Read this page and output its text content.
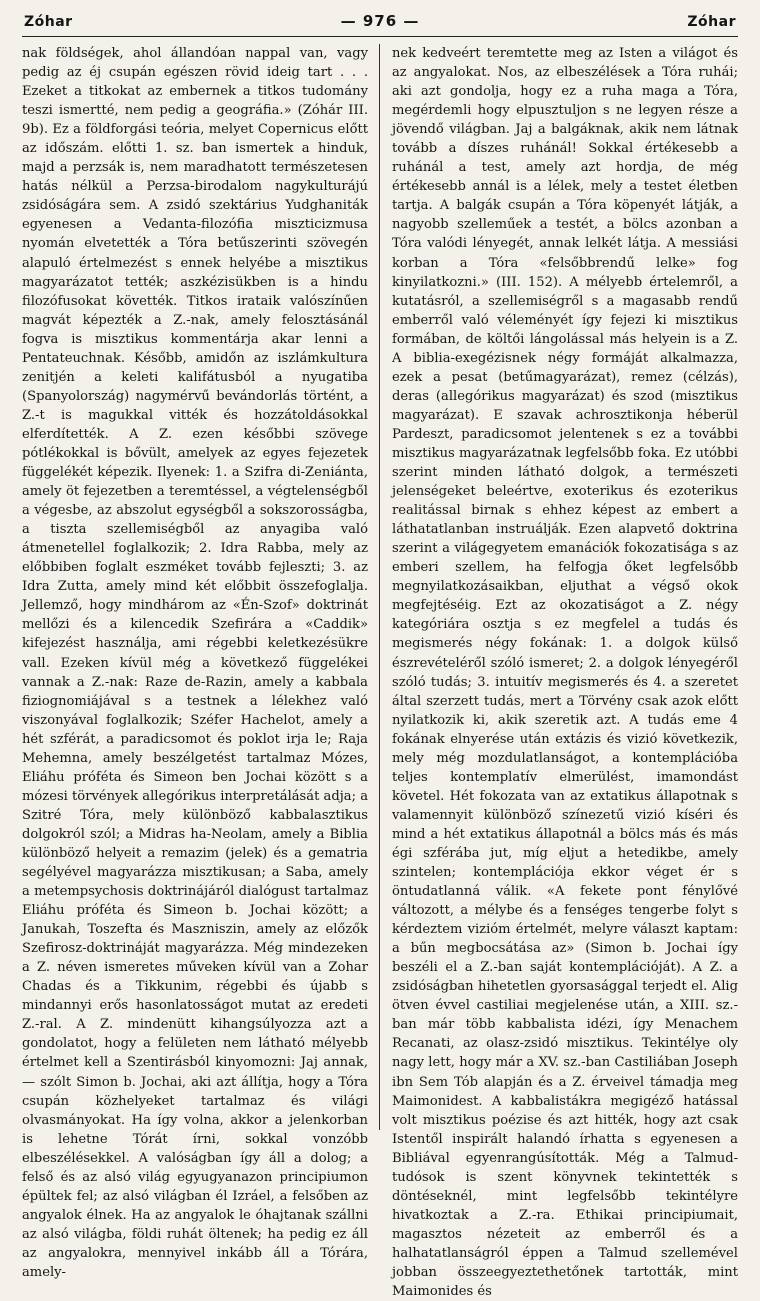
Zóhar	— 976 —	Zóhar

nak földségek, ahol állandóan nappal van, vagy pedig az éj csupán egészen rövid ideig tart . . . Ezeket a titkokat az embernek a titkos tudomány teszi ismertté, nem pedig a geográfia.» (Zóhár III. 9b). Ez a földforgási teória, melyet Copernicus előtt az időszám. előtti 1. sz. ban ismertek a hinduk, majd a perzsák is, nem maradhatott természetesen hatás nélkül a Perzsa-birodalom nagykulturájú zsidóságára sem. A zsidó szektárius Yudghaniták egyenesen a Vedanta-filozófia miszticizmusa nyomán elvetették a Tóra betűszerinti szövegén alapuló értelmezést s ennek helyébe a misztikus magyarázatot tették; aszkézisükben is a hindu filozófusokat követték. Titkos irataik valószínűen magvát képezték a Z.-nak, amely felosztásánál fogva is misztikus kommentárja akar lenni a Pentateuchnak. Később, amidőn az iszlámkultura zenitjén a keleti kalifátusból a nyugatiba (Spanyolország) nagymérvű bevándorlás történt, a Z.-t is magukkal vitték és hozzátoldásokkal elferdítették. A Z. ezen későbbi szövege pótlékokkal is bővült, amelyek az egyes fejezetek függelékét képezik. Ilyenek: 1. a Szifra di-Zeniánta, amely öt fejezetben a teremtéssel, a végtelenségből a végesbe, az abszolut egységből a sokszorosságba, a tiszta szellemiségből az anyagiba való átmenetellel foglalkozik; 2. Idra Rabba, mely az előbbiben foglalt eszméket tovább fejleszti; 3. az Idra Zutta, amely mind két előbbit összefoglalja. Jellemző, hogy mindhárom az «Én-Szof» doktrinát mellőzi és a kilencedik Szefirára a «Caddik» kifejezést használja, ami régebbi keletkezésükre vall. Ezeken kívül még a következő függelékei vannak a Z.-nak: Raze de-Razin, amely a kabbala fiziognomiájával s a testnek a lélekhez való viszonyával foglalkozik; Széfer Hachelot, amely a hét szférát, a paradicsomot és poklot irja le; Raja Mehemna, amely beszélgetést tartalmaz Mózes, Eliáhu próféta és Simeon ben Jochai között s a mózesi törvények allegórikus interpretálását adja; a Szitré Tóra, mely különböző kabbalasztikus dolgokról szól; a Midras ha-Neolam, amely a Biblia különböző helyeit a remazim (jelek) és a gematria segélyével magyarázza misztikusan; a Saba, amely a metempsychosis doktrinájáról dialógust tartalmaz Eliáhu próféta és Simeon b. Jochai között; a Janukah, Toszefta és Maszniszin, amely az előzők Szefirosz-doktrináját magyarázza. Még mindezeken a Z. néven ismeretes műveken kívül van a Zohar Chadas és a Tikkunim, régebbi és újabb s mindannyi erős hasonlatosságot mutat az eredeti Z.-ral. A Z. mindenütt kihangsúlyozza azt a gondolatot, hogy a felületen nem látható mélyebb értelmet kell a Szentirásból kinyomozni: Jaj annak, — szólt Simon b. Jochai, aki azt állítja, hogy a Tóra csupán közhelyeket tartalmaz és világi olvasmányokat. Ha így volna, akkor a jelenkorban is lehetne Tórát írni, sokkal vonzóbb elbeszélésekkel. A valóságban így áll a dolog; a felső és az alsó világ egyugyanazon principiumon épültek fel; az alsó világban él Izráel, a felsőben az angyalok élnek. Ha az angyalok le óhajtanak szállni az alsó világba, földi ruhát öltenek; ha pedig ez áll az angyalokra, mennyivel inkább áll a Tórára, amely-

nek kedveért teremtette meg az Isten a világot és az angyalokat. Nos, az elbeszélések a Tóra ruhái; aki azt gondolja, hogy ez a ruha maga a Tóra, megérdemli hogy elpusztuljon s ne legyen része a jövendő világban. Jaj a balgáknak, akik nem látnak tovább a díszes ruhánál! Sokkal értékesebb a ruhánál a test, amely azt hordja, de még értékesebb annál is a lélek, mely a testet életben tartja. A balgák csupán a Tóra köpenyét látják, a nagyobb szelleműek a testét, a bölcs azonban a Tóra valódi lényegét, annak lelkét látja. A messiási korban a Tóra «felsőbbrendű lelke» fog kinyilatkozni.» (III. 152). A mélyebb értelemről, a kutatásról, a szellemiségről s a magasabb rendű emberről való véleményét így fejezi ki misztikus formában, de költői lángolással más helyein is a Z. A biblia-exegézisnek négy formáját alkalmazza, ezek a pesat (betűmagyarázat), remez (célzás), deras (allegórikus magyarázat) és szod (misztikus magyarázat). E szavak achrosztikonja héberül Pardeszt, paradicsomot jelentenek s ez a további misztikus magyarázatnak legfelsőbb foka. Ez utóbbi szerint minden látható dolgok, a természeti jelenségeket beleértve, exoterikus és ezoterikus realitással birnak s ehhez képest az embert a láthatatlanban instruálják. Ezen alapvető doktrina szerint a világegyetem emanációk fokozatisága s az emberi szellem, ha felfogja őket legfelsőbb megnyilatkozásaikban, eljuthat a végső okok megfejtéséig. Ezt az okozatiságot a Z. négy kategóriára osztja s ez megfelel a tudás és megismerés négy fokának: 1. a dolgok külső észrevételéről szóló ismeret; 2. a dolgok lényegéről szóló tudás; 3. intuitív megismerés és 4. a szeretet által szerzett tudás, mert a Törvény csak azok előtt nyilatkozik ki, akik szeretik azt. A tudás eme 4 fokának elnyerése után extázis és vizió következik, mely még mozdulatlanságot, a kontemplációba teljes kontemplatív elmerülést, imamondást követel. Hét fokozata van az extatikus állapotnak s valamennyit különböző színezetű vizió kíséri és mind a hét extatikus állapotnál a bölcs más és más égi szférába jut, míg eljut a hetedikbe, amely szintelen; kontemplációja ekkor véget ér s öntudatlanná válik. «A fekete pont fénylővé változott, a mélybe és a fenséges tengerbe folyt s kérdeztem vizióm értelmét, melyre választ kaptam: a bűn megbocsátása az» (Simon b. Jochai így beszéli el a Z.-ban saját kontemplációját). A Z. a zsidóságban hihetetlen gyorsasággal terjedt el. Alig ötven évvel castiliai megjelenése után, a XIII. sz.-ban már több kabbalista idézi, így Menachem Recanati, az olasz-zsidó misztikus. Tekintélye oly nagy lett, hogy már a XV. sz.-ban Castiliában Joseph ibn Sem Tób alapján és a Z. érveivel támadja meg Maimonidest. A kabbalistákra megigéző hatással volt misztikus poézise és azt hitték, hogy azt csak Istentől inspirált halandó írhatta s egyenesen a Bibliával egyenrangúsították. Még a Talmud-tudósok is szent könyvnek tekintették s döntéseknél, mint legfelsőbb tekintélyre hivatkoztak a Z.-ra. Ethikai principiumait, magasztos nézeteit az emberről és a halhatatlanságról éppen a Talmud szellemével jobban összeegyeztethetőnek tartották, mint Maimonides és
